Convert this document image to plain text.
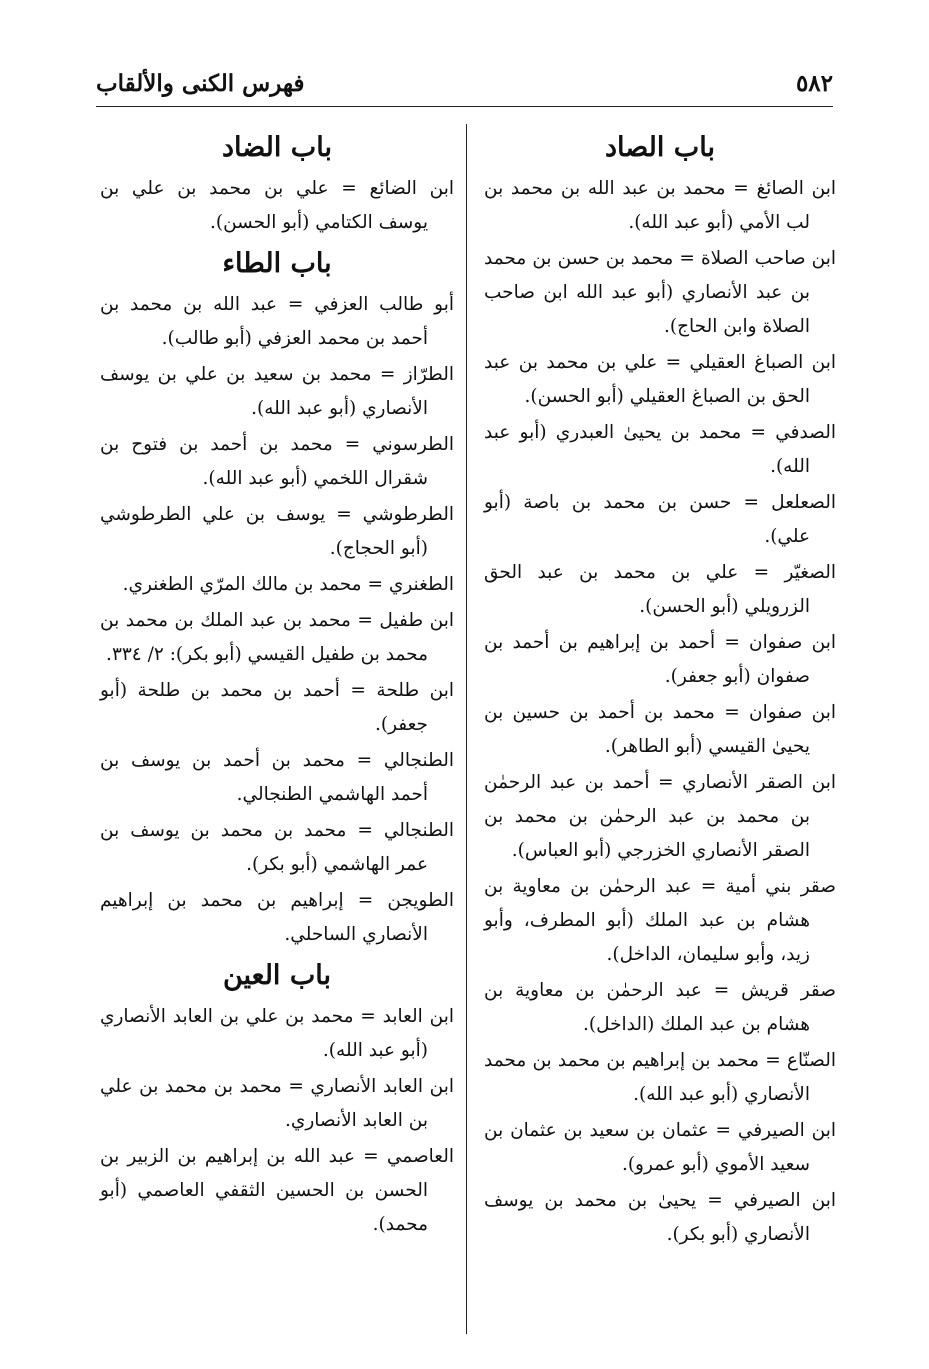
٥٨٢
فهرس الكنى والألقاب
باب الصاد

ابن الصائغ = محمد بن عبد الله بن محمد بن لب الأمي (أبو عبد الله).

ابن صاحب الصلاة = محمد بن حسن بن محمد بن عبد الأنصاري (أبو عبد الله ابن صاحب الصلاة وابن الحاج).

ابن الصباغ العقيلي = علي بن محمد بن عبد الحق بن الصباغ العقيلي (أبو الحسن).

الصدفي = محمد بن يحيىٰ العبدري (أبو عبد الله).

الصعلعل = حسن بن محمد بن باصة (أبو علي).

الصغيّر = علي بن محمد بن عبد الحق الزرويلي (أبو الحسن).

ابن صفوان = أحمد بن إبراهيم بن أحمد بن صفوان (أبو جعفر).

ابن صفوان = محمد بن أحمد بن حسين بن يحيىٰ القيسي (أبو الطاهر).

ابن الصقر الأنصاري = أحمد بن عبد الرحمٰن بن محمد بن عبد الرحمٰن بن محمد بن الصقر الأنصاري الخزرجي (أبو العباس).

صقر بني أمية = عبد الرحمٰن بن معاوية بن هشام بن عبد الملك (أبو المطرف، وأبو زيد، وأبو سليمان، الداخل).

صقر قريش = عبد الرحمٰن بن معاوية بن هشام بن عبد الملك (الداخل).

الصنّاع = محمد بن إبراهيم بن محمد بن محمد الأنصاري (أبو عبد الله).

ابن الصيرفي = عثمان بن سعيد بن عثمان بن سعيد الأموي (أبو عمرو).

ابن الصيرفي = يحيىٰ بن محمد بن يوسف الأنصاري (أبو بكر).

باب الضاد

ابن الضائع = علي بن محمد بن علي بن يوسف الكتامي (أبو الحسن).

باب الطاء

أبو طالب العزفي = عبد الله بن محمد بن أحمد بن محمد العزفي (أبو طالب).

الطرّاز = محمد بن سعيد بن علي بن يوسف الأنصاري (أبو عبد الله).

الطرسوني = محمد بن أحمد بن فتوح بن شقرال اللخمي (أبو عبد الله).

الطرطوشي = يوسف بن علي الطرطوشي (أبو الحجاج).

الطغنري = محمد بن مالك المرّي الطغنري.

ابن طفيل = محمد بن عبد الملك بن محمد بن محمد بن طفيل القيسي (أبو بكر): ٢/ ٣٣٤.

ابن طلحة = أحمد بن محمد بن طلحة (أبو جعفر).

الطنجالي = محمد بن أحمد بن يوسف بن أحمد الهاشمي الطنجالي.

الطنجالي = محمد بن محمد بن يوسف بن عمر الهاشمي (أبو بكر).

الطويجن = إبراهيم بن محمد بن إبراهيم الأنصاري الساحلي.

باب العين

ابن العابد = محمد بن علي بن العابد الأنصاري (أبو عبد الله).

ابن العابد الأنصاري = محمد بن محمد بن علي بن العابد الأنصاري.

العاصمي = عبد الله بن إبراهيم بن الزبير بن الحسن بن الحسين الثقفي العاصمي (أبو محمد).
